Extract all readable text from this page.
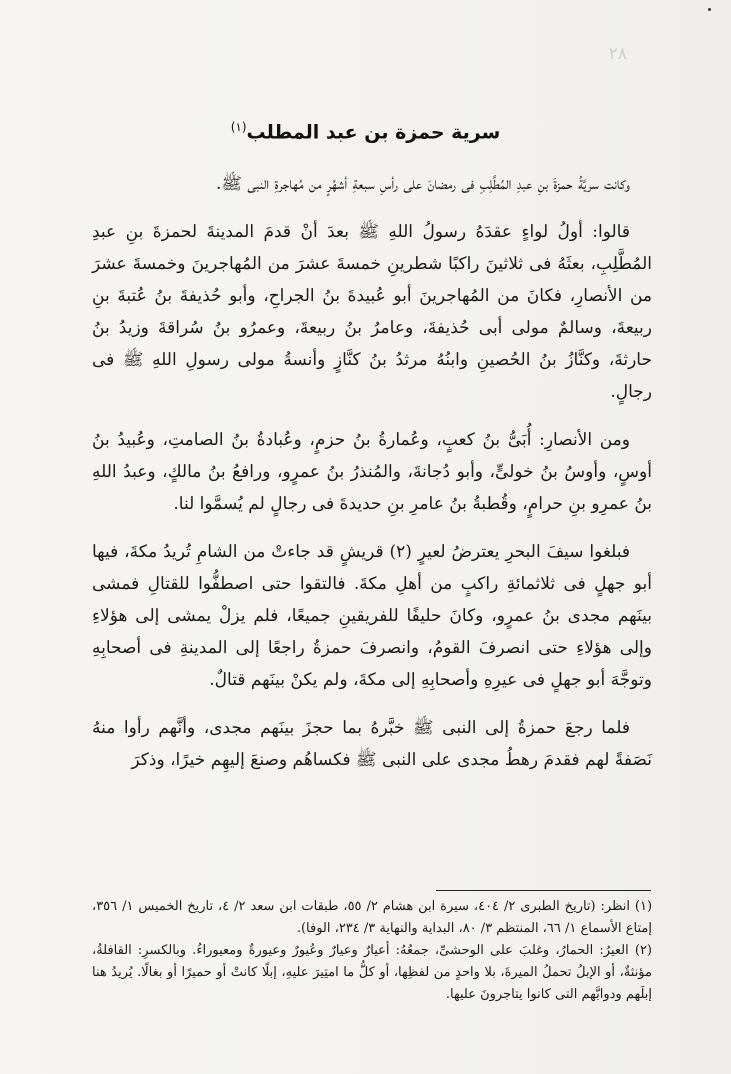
٢٨
سرية حمزة بن عبد المطلب$^{(١)}$

وكانت سريَّةُ حمزةَ بنِ عبدِ المُطَّلِبِ فى رمضانَ على رأسِ سبعةِ أشهُرٍ من مُهاجرةِ النبى ﷺ.

قالوا: أولُ لواءٍ عقدَهُ رسولُ اللهِ ﷺ بعدَ أنْ قدمَ المدينةَ لحمزةَ بنِ عبدِ المُطَّلِبِ، بعثَهُ فى ثلاثينَ راكبًا شطرينِ خمسةَ عشرَ من المُهاجرينَ وخمسةَ عشرَ من الأنصارِ، فكانَ من المُهاجرينَ أبو عُبيدةَ بنُ الجراحِ، وأبو حُذيفةَ بنُ عُتبةَ بنِ ربيعةَ، وسالمٌ مولى أبى حُذيفةَ، وعامرُ بنُ ربيعةَ، وعمرُو بنُ سُراقةَ وزيدُ بنُ حارثةَ، وكنَّازُ بنُ الحُصينِ وابنُهُ مرثدُ بنُ كنَّازٍ وأنسةُ مولى رسولِ اللهِ ﷺ فى رجالٍ.

ومن الأنصارِ: أُبَىُّ بنُ كعبٍ، وعُمارةُ بنُ حزمٍ، وعُبادةُ بنُ الصامتِ، وعُبيدُ بنُ أوسٍ، وأوسُ بنُ خولىٍّ، وأبو دُجانةَ، والمُنذرُ بنُ عمرٍو، ورافعُ بنُ مالكٍ، وعبدُ اللهِ بنُ عمرِو بنِ حرامٍ، وقُطبةُ بنُ عامرِ بنِ حديدةَ فى رجالٍ لم يُسمَّوا لنا.

فبلغوا سيفَ البحرِ يعترضُ لعيرٍ (٢) قريشٍ قد جاءتْ من الشامِ تُريدُ مكةَ، فيها أبو جهلٍ فى ثلاثمائةِ راكبٍ من أهلِ مكةَ. فالتقوا حتى اصطفُّوا للقتالِ فمشى بينَهم مجدى بنُ عمرٍو، وكانَ حليفًا للفريقينِ جميعًا، فلم يزلْ يمشى إلى هؤلاءِ وإلى هؤلاءِ حتى انصرفَ القومُ، وانصرفَ حمزةُ راجعًا إلى المدينةِ فى أصحابِهِ وتوجَّهَ أبو جهلٍ فى عيرِهِ وأصحابِهِ إلى مكةَ، ولم يكنْ بينَهم قتالٌ.

فلما رجعَ حمزةُ إلى النبى ﷺ خبَّرهُ بما حجزَ بينَهم مجدى، وأنَّهم رأوا منهُ نَصَفةً لهم فقدمَ رهطُ مجدى على النبى ﷺ فكساهُم وصنعَ إليهِم خيرًا، وذكرَ

(١) انظر: (تاريخ الطبرى ٢/ ٤٠٤، سيرة ابن هشام ٢/ ٥٥، طبقات ابن سعد ٢/ ٤، تاريخ الخميس ١/ ٣٥٦، إمتاع الأسماع ١/ ٦٦، المنتظم ٣/ ٨٠، البداية والنهاية ٣/ ٢٣٤، الوفا).

(٢) العيرُ: الحمارُ، وغلبَ على الوحشىِّ، جمعُهُ: أعيارٌ وعيارٌ وعُيورٌ وعيورةٌ ومعيوراءُ. وبالكسرِ: القافلةُ، مؤنثةٌ، أو الإبلُ تحملُ الميرةَ، بلا واحدٍ من لفظِها، أو كلُّ ما امتِيرَ عليهِ، إبلًا كانتْ أو حميرًا أو بغالًا. يُريدُ هنا إبلَهم ودوابَّهم التى كانوا يتاجرونَ عليها.
